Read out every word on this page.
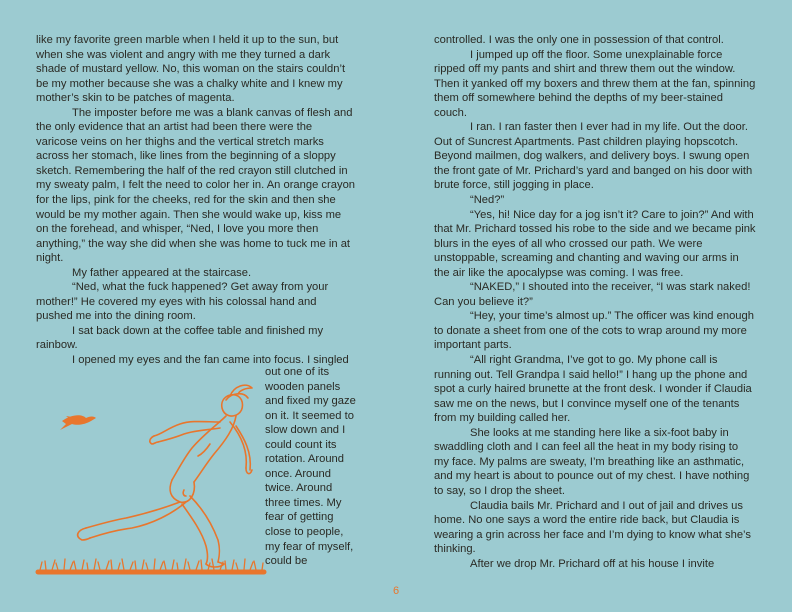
like my favorite green marble when I held it up to the sun, but when she was violent and angry with me they turned a dark shade of mustard yellow. No, this woman on the stairs couldn’t be my mother because she was a chalky white and I knew my mother’s skin to be patches of magenta.

The imposter before me was a blank canvas of flesh and the only evidence that an artist had been there were the varicose veins on her thighs and the vertical stretch marks across her stomach, like lines from the beginning of a sloppy sketch. Remembering the half of the red crayon still clutched in my sweaty palm, I felt the need to color her in. An orange crayon for the lips, pink for the cheeks, red for the skin and then she would be my mother again. Then she would wake up, kiss me on the forehead, and whisper, “Ned, I love you more then anything,” the way she did when she was home to tuck me in at night.

My father appeared at the staircase.

“Ned, what the fuck happened? Get away from your mother!” He covered my eyes with his colossal hand and pushed me into the dining room.

I sat back down at the coffee table and finished my rainbow.

I opened my eyes and the fan came into focus. I singled

out one of its wooden panels and fixed my gaze on it. It seemed to slow down and I could count its rotation. Around once. Around twice. Around three times. My fear of getting close to people, my fear of myself, could be

controlled. I was the only one in possession of that control.

I jumped up off the floor. Some unexplainable force ripped off my pants and shirt and threw them out the window. Then it yanked off my boxers and threw them at the fan, spinning them off somewhere behind the depths of my beer-stained couch.

I ran. I ran faster then I ever had in my life. Out the door. Out of Suncrest Apartments. Past children playing hopscotch. Beyond mailmen, dog walkers, and delivery boys. I swung open the front gate of Mr. Prichard’s yard and banged on his door with brute force, still jogging in place.

“Ned?”

“Yes, hi! Nice day for a jog isn’t it? Care to join?” And with that Mr. Prichard tossed his robe to the side and we became pink blurs in the eyes of all who crossed our path. We were unstoppable, screaming and chanting and waving our arms in the air like the apocalypse was coming. I was free.

“NAKED,” I shouted into the receiver, “I was stark naked! Can you believe it?”

“Hey, your time’s almost up.” The officer was kind enough to donate a sheet from one of the cots to wrap around my more important parts.

“All right Grandma, I’ve got to go. My phone call is running out. Tell Grandpa I said hello!” I hang up the phone and spot a curly haired brunette at the front desk. I wonder if Claudia saw me on the news, but I convince myself one of the tenants from my building called her.

She looks at me standing here like a six-foot baby in swaddling cloth and I can feel all the heat in my body rising to my face. My palms are sweaty, I’m breathing like an asthmatic, and my heart is about to pounce out of my chest. I have nothing to say, so I drop the sheet.

Claudia bails Mr. Prichard and I out of jail and drives us home. No one says a word the entire ride back, but Claudia is wearing a grin across her face and I’m dying to know what she’s thinking.

After we drop Mr. Prichard off at his house I invite

6
